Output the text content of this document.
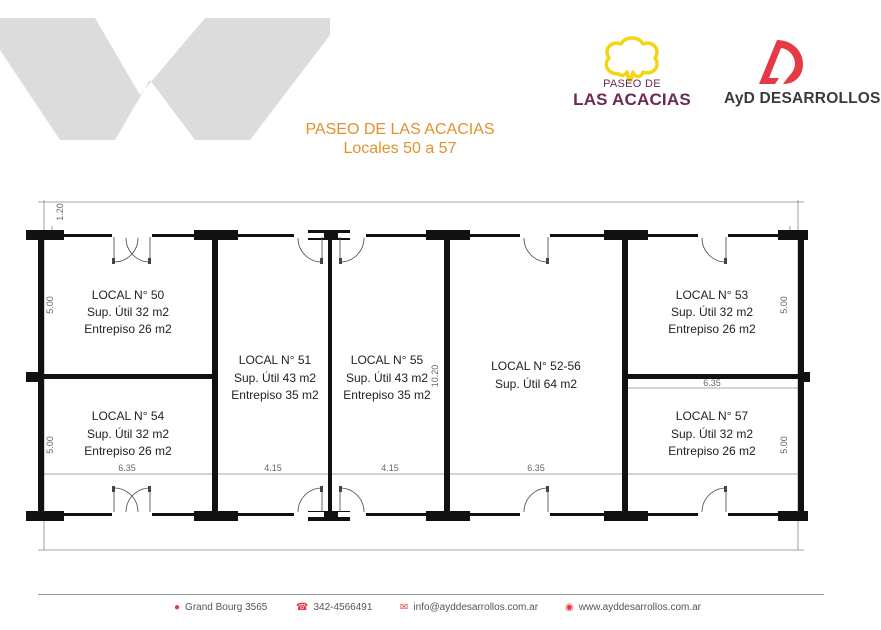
PASEO DE
LAS ACACIAS AyD DESARROLLOS
PASEO DE LAS ACACIAS
Locales 50 a 57
LOCAL N° 50
Sup. Útil 32 m2
Entrepiso 26 m2
LOCAL N° 51
Sup. Útil 43 m2
Entrepiso 35 m2
LOCAL N° 55
Sup. Útil 43 m2
Entrepiso 35 m2
LOCAL N° 52-56
Sup. Útil 64 m2
LOCAL N° 53
Sup. Útil 32 m2
Entrepiso 26 m2
LOCAL N° 54
Sup. Útil 32 m2
Entrepiso 26 m2
LOCAL N° 57
Sup. Útil 32 m2
Entrepiso 26 m2
1.20
5.00
5.00
5.00
5.00
10.20
6.35	4.15	4.15	6.35
6.35
● Grand Bourg 3565	☎ 342-4566491	✉ info@ayddesarrollos.com.ar	◉ www.ayddesarrollos.com.ar
